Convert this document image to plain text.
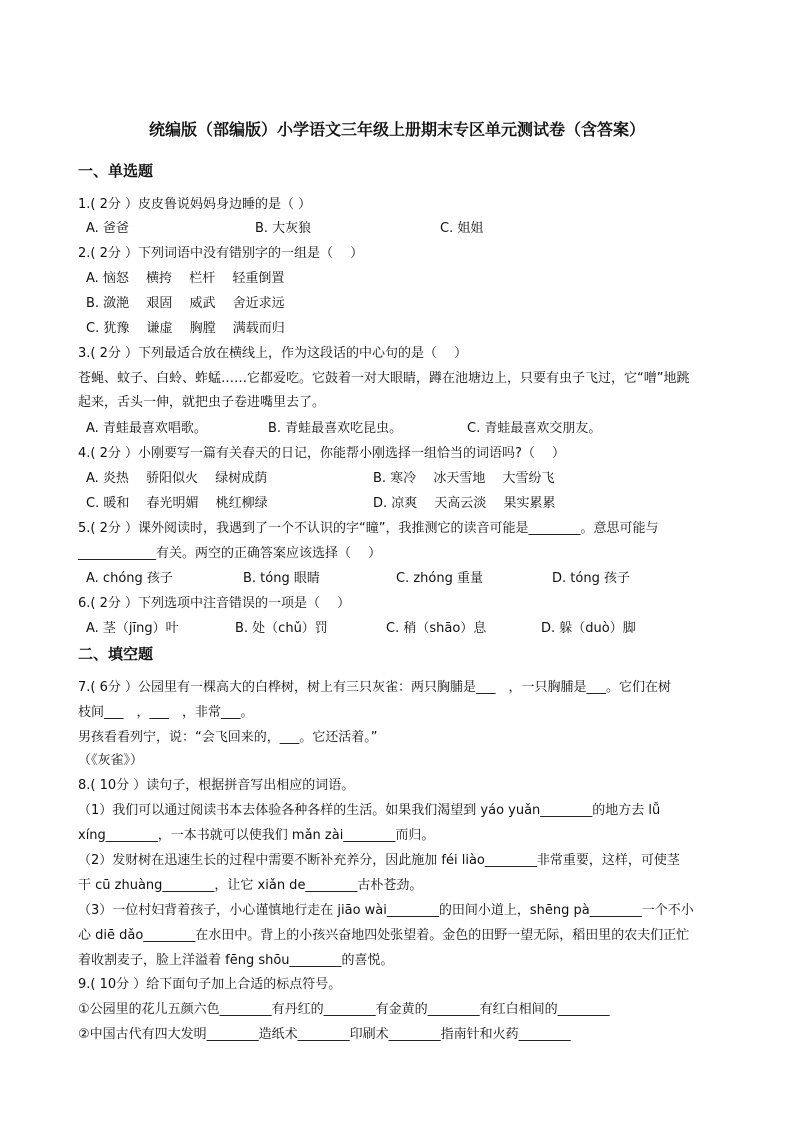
统编版（部编版）小学语文三年级上册期末专区单元测试卷（含答案）
一、单选题
1.( 2分 ）皮皮鲁说妈妈身边睡的是（ ）
A. 爸爸	B. 大灰狼	C. 姐姐
2.( 2分 ）下列词语中没有错别字的一组是（　 ）
A. 恼怒　 横挎　 栏杆　 轻重倒置
B. 潋滟　 艰固　 威武　 舍近求远
C. 犹豫　 谦虚　 胸膛　 满载而归
3.( 2分 ）下列最适合放在横线上，作为这段话的中心句的是（　 ）
苍蝇、蚊子、白蛉、蚱蜢……它都爱吃。它鼓着一对大眼睛，蹲在池塘边上，只要有虫子飞过，它“噌”地跳
起来，舌头一伸，就把虫子卷进嘴里去了。
A. 青蛙最喜欢唱歌。	B. 青蛙最喜欢吃昆虫。	C. 青蛙最喜欢交朋友。
4.( 2分 ）小刚要写一篇有关春天的日记，你能帮小刚选择一组恰当的词语吗?（　 ）
A. 炎热　 骄阳似火　 绿树成荫	B. 寒冷　 冰天雪地　 大雪纷飞
C. 暖和　 春光明媚　 桃红柳绿	D. 凉爽　 天高云淡　 果实累累
5.( 2分 ）课外阅读时，我遇到了一个不认识的字“瞳”，我推测它的读音可能是________。意思可能与
____________有关。两空的正确答案应该选择（　 ）
A. chóng 孩子	B. tóng 眼睛	C. zhóng 重量	D. tóng 孩子
6.( 2分 ）下列选项中注音错误的一项是（　 ）
A. 茎（jīng）叶	B. 处（chǔ）罚	C. 稍（shāo）息	D. 躲（duò）脚
二、填空题
7.( 6分 ）公园里有一棵高大的白桦树，树上有三只灰雀：两只胸脯是___　，一只胸脯是___。它们在树
枝间___　，___　，非常___。
男孩看看列宁，说：“会飞回来的，___。它还活着。”
（《灰雀》）
8.( 10分 ）读句子，根据拼音写出相应的词语。
（1）我们可以通过阅读书本去体验各种各样的生活。如果我们渴望到 yáo yuǎn________的地方去 lǚ
xíng________，一本书就可以使我们 mǎn zài________而归。
（2）发财树在迅速生长的过程中需要不断补充养分，因此施加 féi liào________非常重要，这样，可使茎
干 cū zhuàng________，让它 xiǎn de________古朴苍劲。
（3）一位村妇背着孩子，小心谨慎地行走在 jiāo wài________的田间小道上，shēng pà________一个不小
心 diē dǎo________在水田中。背上的小孩兴奋地四处张望着。金色的田野一望无际，稻田里的农夫们正忙
着收割麦子，脸上洋溢着 fēng shōu________的喜悦。
9.( 10分 ）给下面句子加上合适的标点符号。
①公园里的花儿五颜六色________有丹红的________有金黄的________有红白相间的________
②中国古代有四大发明________造纸术________印刷术________指南针和火药________
